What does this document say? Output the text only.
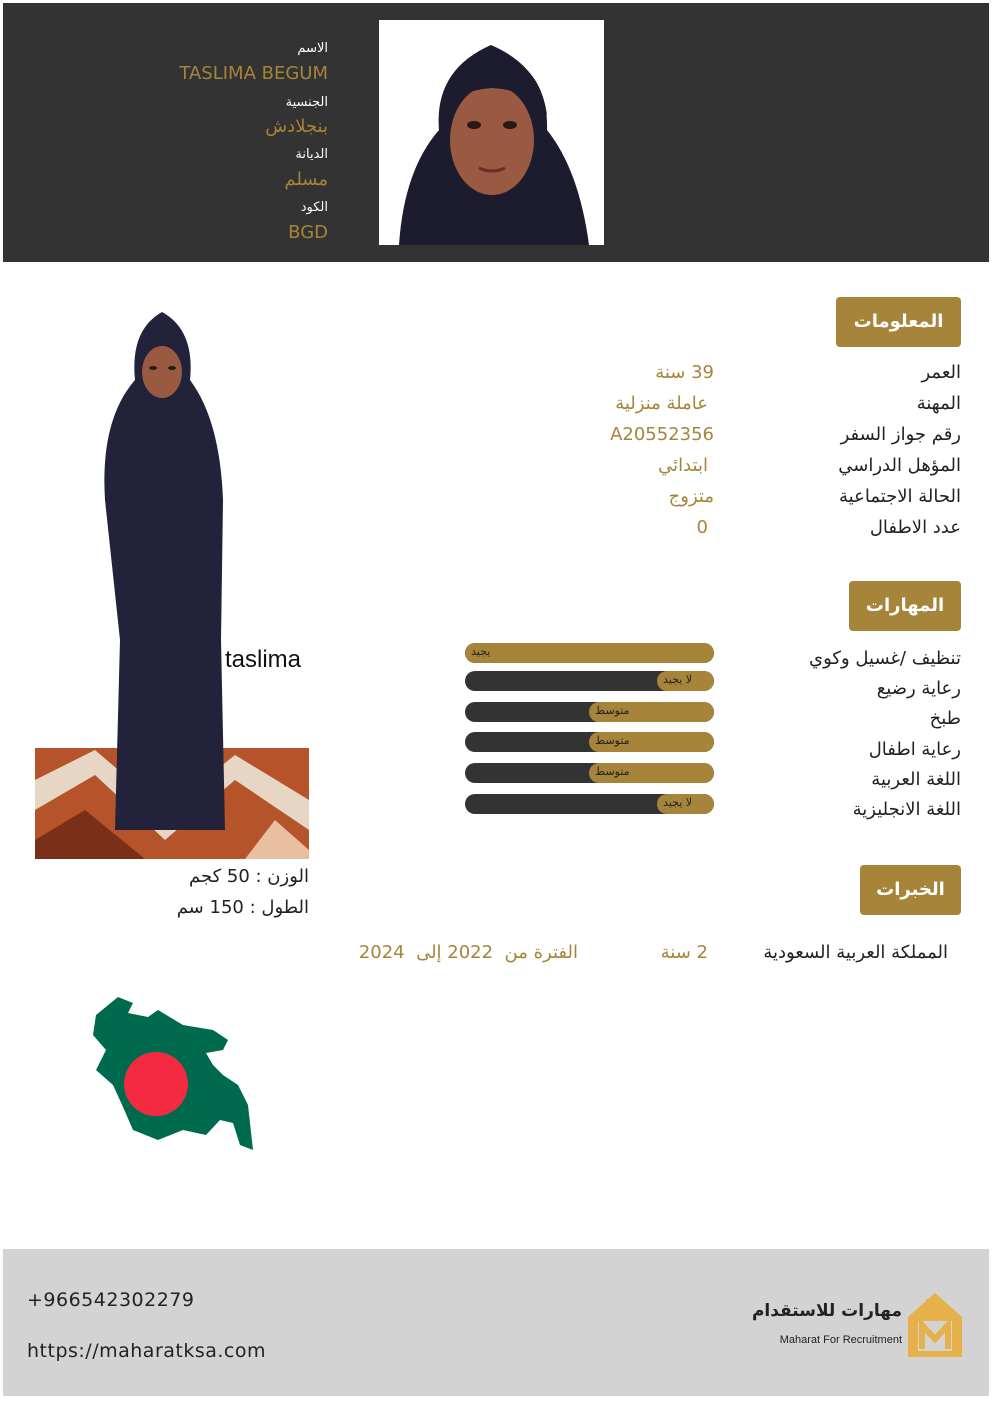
الاسم
TASLIMA BEGUM
الجنسية
بنجلادش
الديانة
مسلم
الكود
BGD
المعلومات
العمر
39 سنة
المهنة
عاملة منزلية
رقم جواز السفر
A20552356
المؤهل الدراسي
ابتدائي
الحالة الاجتماعية
متزوج
عدد الاطفال
0
المهارات
تنظيف /غسيل وكوي
رعاية رضيع
طبخ
رعاية اطفال
اللغة العربية
اللغة الانجليزية
يجيد
لا يجيد
متوسط
متوسط
متوسط
لا يجيد
الخبرات
المملكة العربية السعودية
2 سنة
الفترة من  2022 إلى  2024
taslima
الوزن : 50 كجم
الطول : 150 سم
+966542302279
https://maharatksa.com
مهارات للاستقدام
Maharat For Recruitment
